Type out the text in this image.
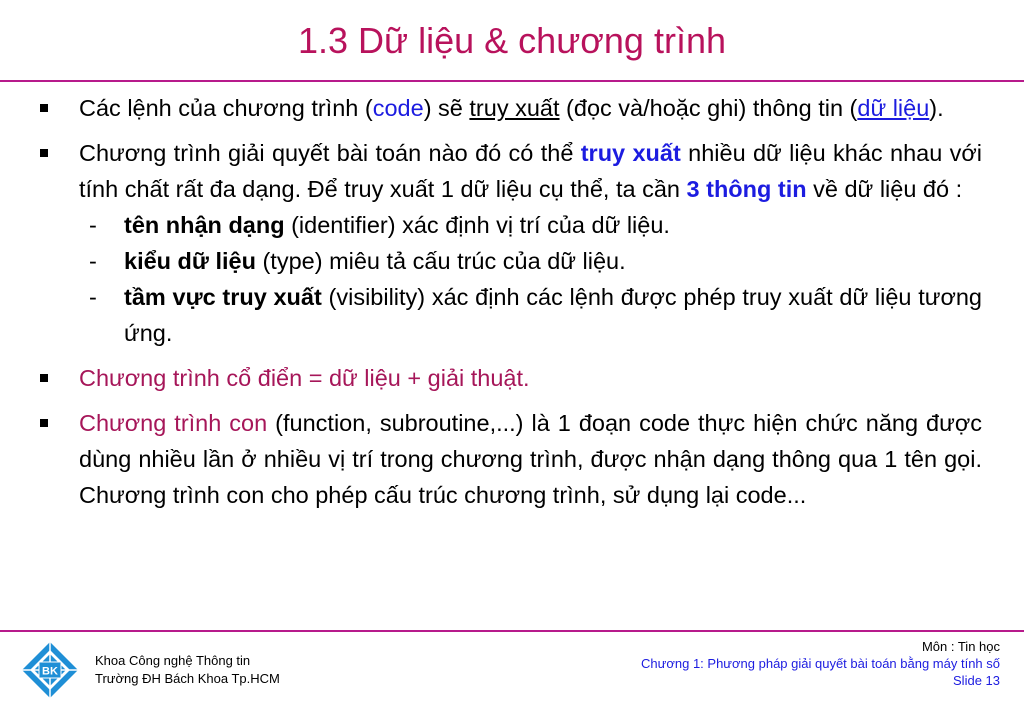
1.3 Dữ liệu & chương trình
Các lệnh của chương trình (code) sẽ truy xuất (đọc và/hoặc ghi) thông tin (dữ liệu).
Chương trình giải quyết bài toán nào đó có thể truy xuất nhiều dữ liệu khác nhau với tính chất rất đa dạng. Để truy xuất 1 dữ liệu cụ thể, ta cần 3 thông tin về dữ liệu đó :
- tên nhận dạng (identifier) xác định vị trí của dữ liệu.
- kiểu dữ liệu (type) miêu tả cấu trúc của dữ liệu.
- tầm vực truy xuất (visibility) xác định các lệnh được phép truy xuất dữ liệu tương ứng.
Chương trình cổ điển = dữ liệu + giải thuật.
Chương trình con (function, subroutine,...) là 1 đoạn code thực hiện chức năng được dùng nhiều lần ở nhiều vị trí trong chương trình, được nhận dạng thông qua 1 tên gọi. Chương trình con cho phép cấu trúc chương trình, sử dụng lại code...
BK
Khoa Công nghệ Thông tin
Trường ĐH Bách Khoa Tp.HCM
Môn : Tin học
Chương 1: Phương pháp giải quyết bài toán bằng máy tính số
Slide 13
